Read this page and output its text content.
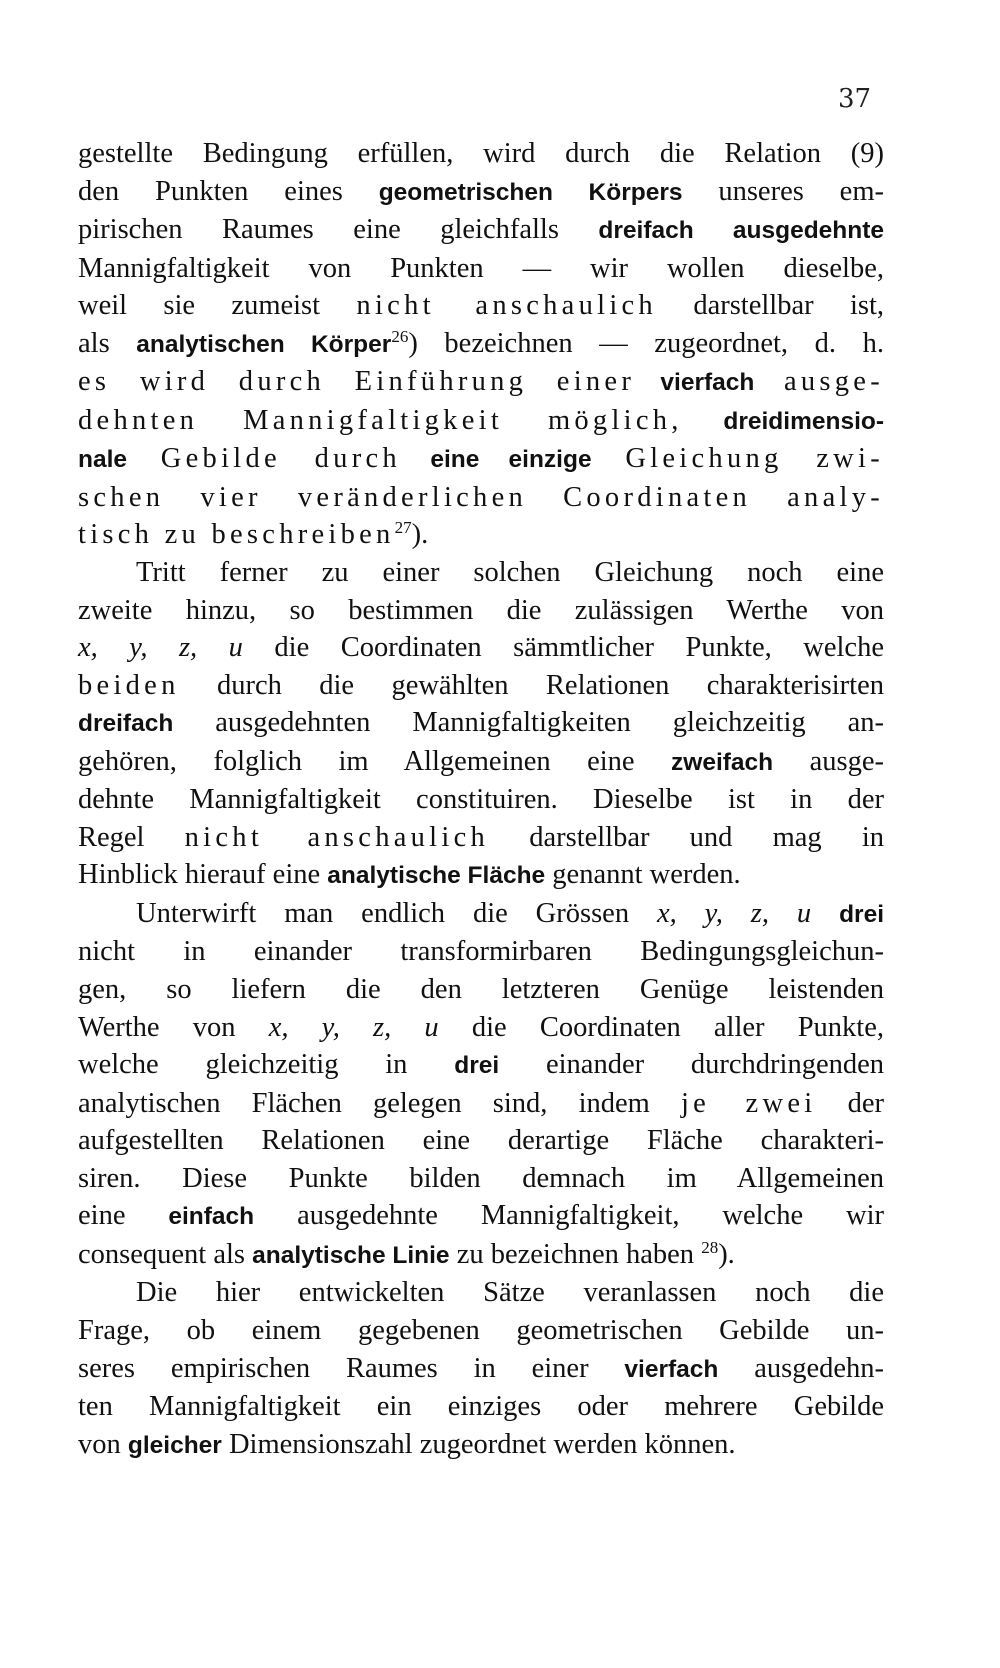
37
gestellte Bedingung erfüllen, wird durch die Relation (9)
den Punkten eines geometrischen Körpers unseres em-
pirischen Raumes eine gleichfalls dreifach ausgedehnte
Mannigfaltigkeit von Punkten — wir wollen dieselbe,
weil sie zumeist nicht anschaulich darstellbar ist,
als analytischen Körper$^{26}$) bezeichnen — zugeordnet, d. h.
es wird durch Einführung einer vierfach ausge-
dehnten Mannigfaltigkeit möglich, dreidimensio-
nale Gebilde durch eine einzige Gleichung zwi-
schen vier veränderlichen Coordinaten analy-
tisch zu beschreiben$^{27}$).
Tritt ferner zu einer solchen Gleichung noch eine
zweite hinzu, so bestimmen die zulässigen Werthe von
x, y, z, u die Coordinaten sämmtlicher Punkte, welche
beiden durch die gewählten Relationen charakterisirten
dreifach ausgedehnten Mannigfaltigkeiten gleichzeitig an-
gehören, folglich im Allgemeinen eine zweifach ausge-
dehnte Mannigfaltigkeit constituiren. Dieselbe ist in der
Regel nicht anschaulich darstellbar und mag in
Hinblick hierauf eine analytische Fläche genannt werden.
Unterwirft man endlich die Grössen x, y, z, u drei
nicht in einander transformirbaren Bedingungsgleichun-
gen, so liefern die den letzteren Genüge leistenden
Werthe von x, y, z, u die Coordinaten aller Punkte,
welche gleichzeitig in drei einander durchdringenden
analytischen Flächen gelegen sind, indem je zwei der
aufgestellten Relationen eine derartige Fläche charakteri-
siren. Diese Punkte bilden demnach im Allgemeinen
eine einfach ausgedehnte Mannigfaltigkeit, welche wir
consequent als analytische Linie zu bezeichnen haben $^{28}$).
Die hier entwickelten Sätze veranlassen noch die
Frage, ob einem gegebenen geometrischen Gebilde un-
seres empirischen Raumes in einer vierfach ausgedehn-
ten Mannigfaltigkeit ein einziges oder mehrere Gebilde
von gleicher Dimensionszahl zugeordnet werden können.
